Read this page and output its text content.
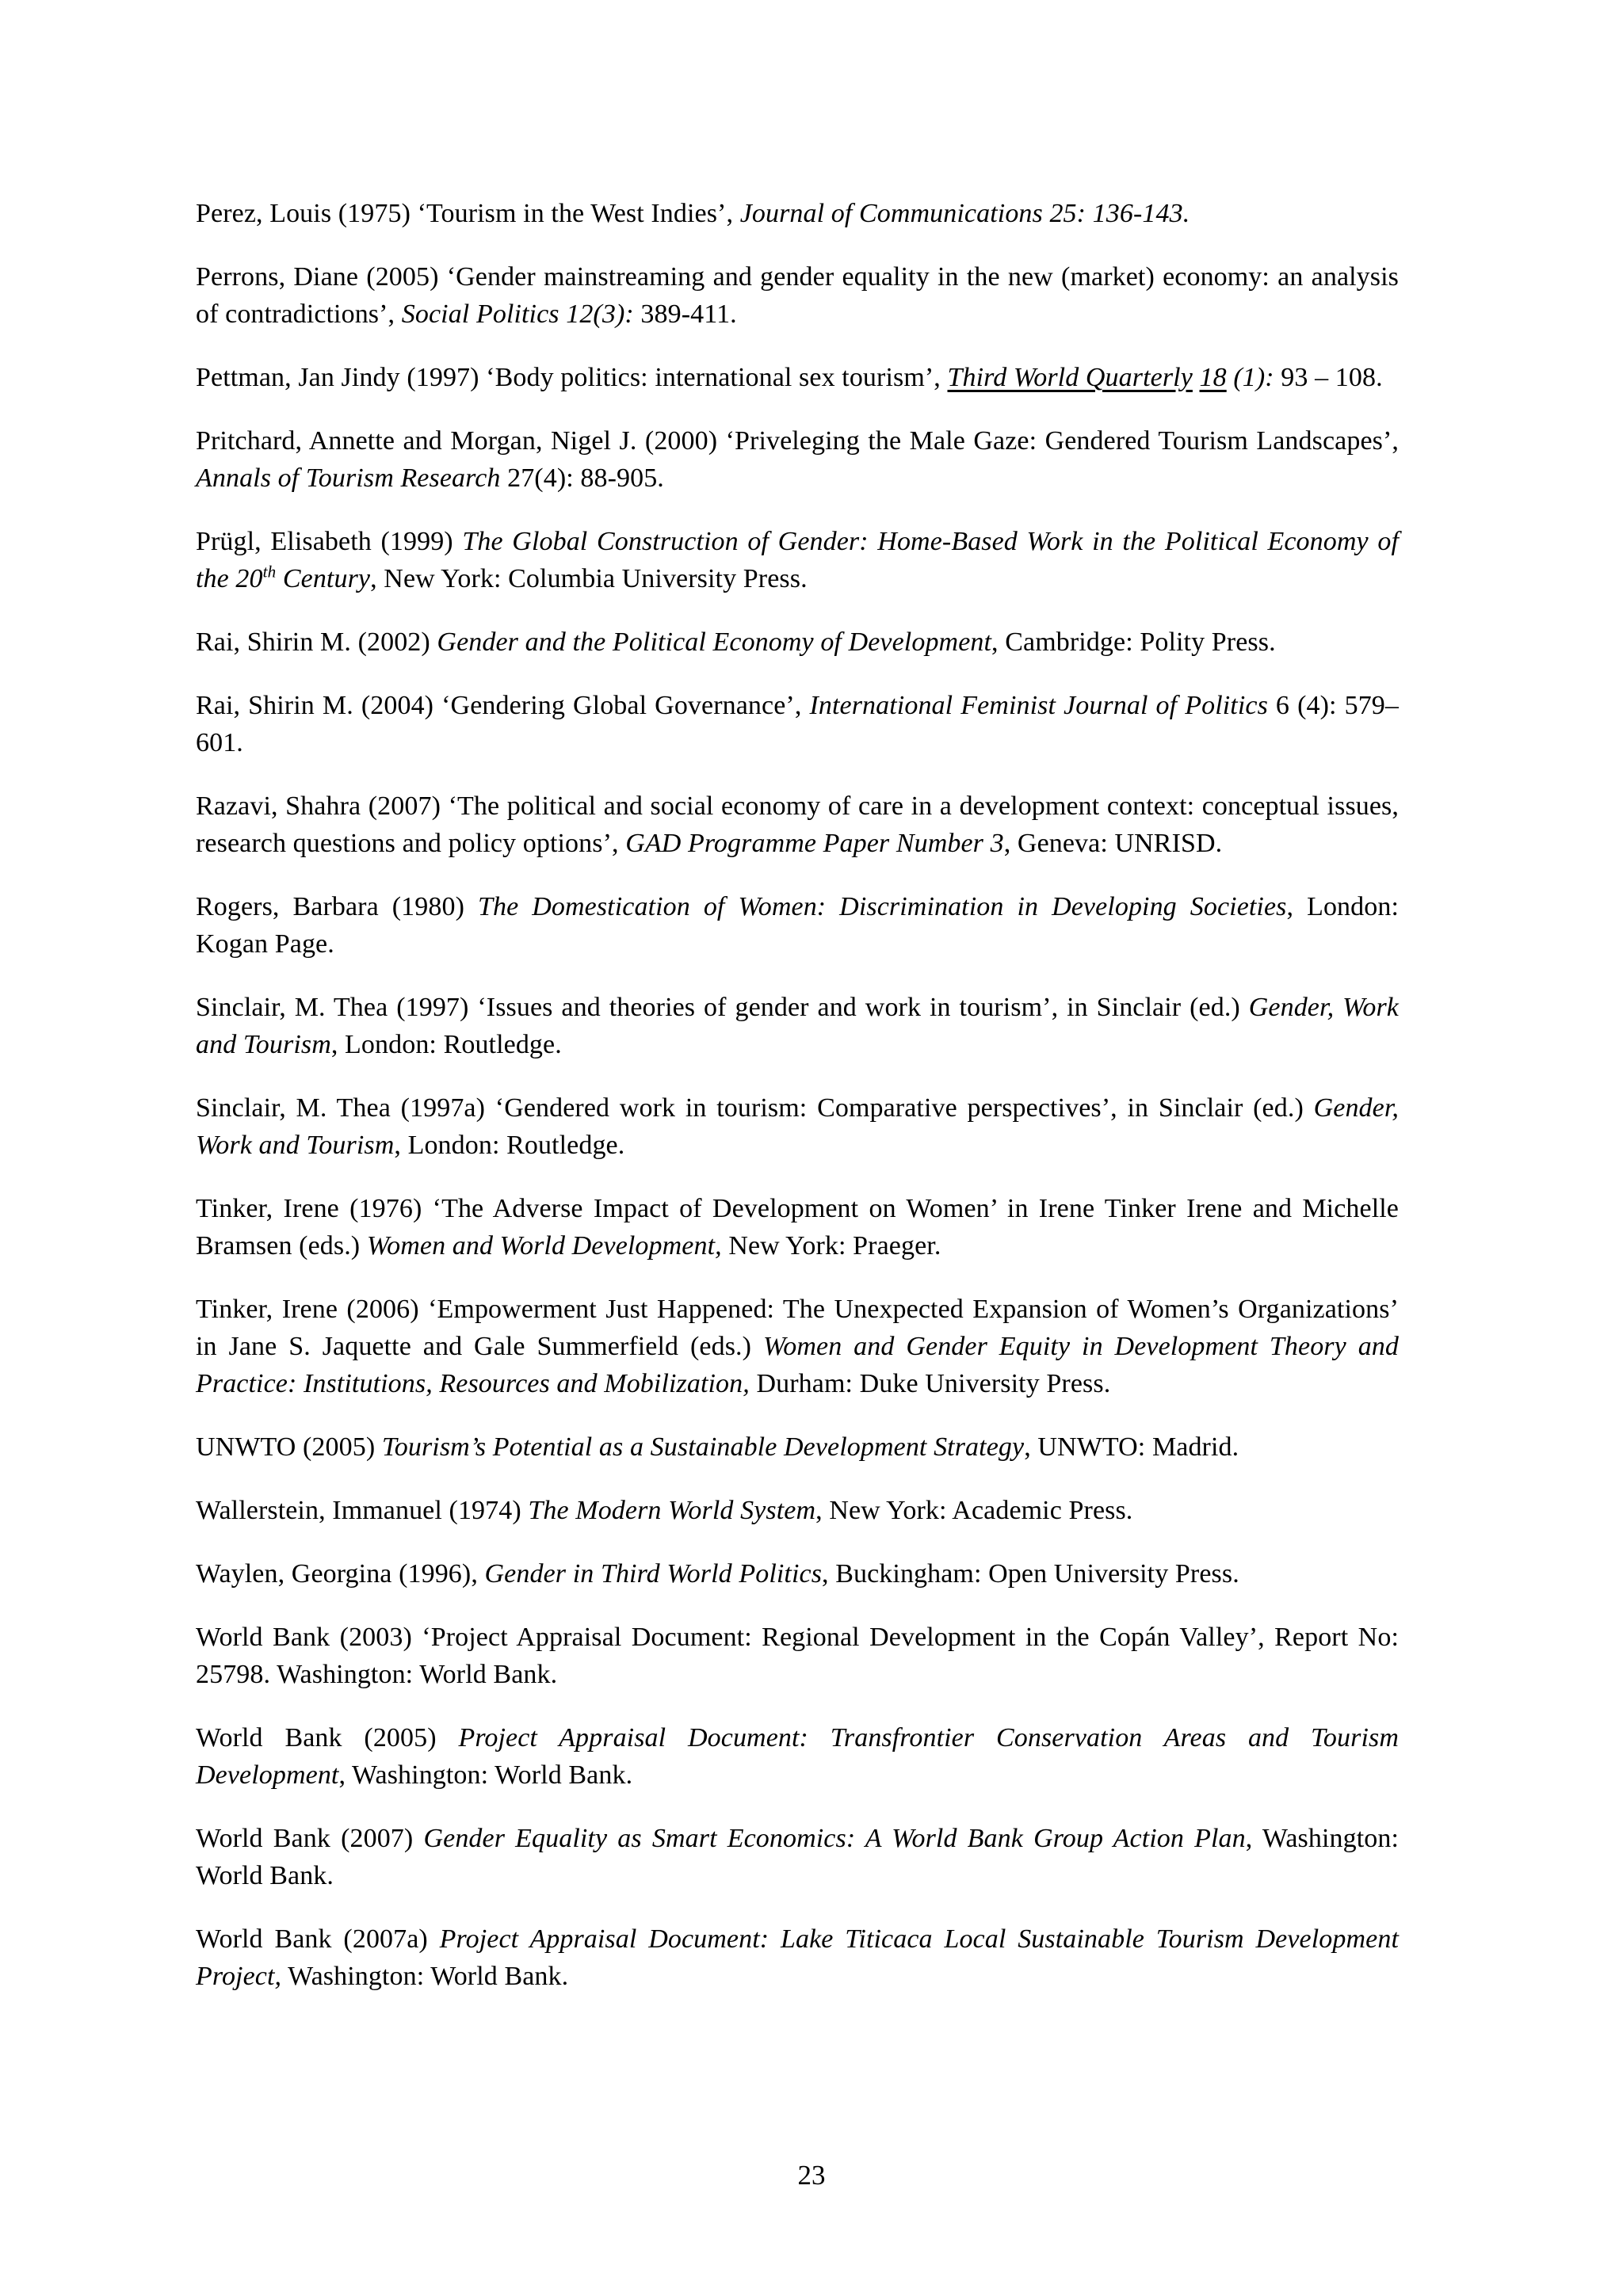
Perez, Louis (1975) ‘Tourism in the West Indies’, Journal of Communications 25: 136-143.

Perrons, Diane (2005) ‘Gender mainstreaming and gender equality in the new (market) economy: an analysis of contradictions’, Social Politics 12(3): 389-411.

Pettman, Jan Jindy (1997) ‘Body politics: international sex tourism’, Third World Quarterly 18 (1): 93 – 108.

Pritchard, Annette and Morgan, Nigel J. (2000) ‘Priveleging the Male Gaze: Gendered Tourism Landscapes’, Annals of Tourism Research 27(4): 88-905.

Prügl, Elisabeth (1999) The Global Construction of Gender: Home-Based Work in the Political Economy of the 20th Century, New York: Columbia University Press.

Rai, Shirin M. (2002) Gender and the Political Economy of Development, Cambridge: Polity Press.

Rai, Shirin M. (2004) ‘Gendering Global Governance’, International Feminist Journal of Politics 6 (4): 579–601.

Razavi, Shahra (2007) ‘The political and social economy of care in a development context: conceptual issues, research questions and policy options’, GAD Programme Paper Number 3, Geneva: UNRISD.

Rogers, Barbara (1980) The Domestication of Women: Discrimination in Developing Societies, London: Kogan Page.

Sinclair, M. Thea (1997) ‘Issues and theories of gender and work in tourism’, in Sinclair (ed.) Gender, Work and Tourism, London: Routledge.

Sinclair, M. Thea (1997a) ‘Gendered work in tourism: Comparative perspectives’, in Sinclair (ed.) Gender, Work and Tourism, London: Routledge.

Tinker, Irene (1976) ‘The Adverse Impact of Development on Women’ in Irene Tinker Irene and Michelle Bramsen (eds.) Women and World Development, New York: Praeger.

Tinker, Irene (2006) ‘Empowerment Just Happened: The Unexpected Expansion of Women’s Organizations’ in Jane S. Jaquette and Gale Summerfield (eds.) Women and Gender Equity in Development Theory and Practice: Institutions, Resources and Mobilization, Durham: Duke University Press.

UNWTO (2005) Tourism’s Potential as a Sustainable Development Strategy, UNWTO: Madrid.

Wallerstein, Immanuel (1974) The Modern World System, New York: Academic Press.

Waylen, Georgina (1996), Gender in Third World Politics, Buckingham: Open University Press.

World Bank (2003) ‘Project Appraisal Document: Regional Development in the Copán Valley’, Report No: 25798. Washington: World Bank.

World Bank (2005) Project Appraisal Document: Transfrontier Conservation Areas and Tourism Development, Washington: World Bank.

World Bank (2007) Gender Equality as Smart Economics: A World Bank Group Action Plan, Washington: World Bank.

World Bank (2007a) Project Appraisal Document: Lake Titicaca Local Sustainable Tourism Development Project, Washington: World Bank.

23
